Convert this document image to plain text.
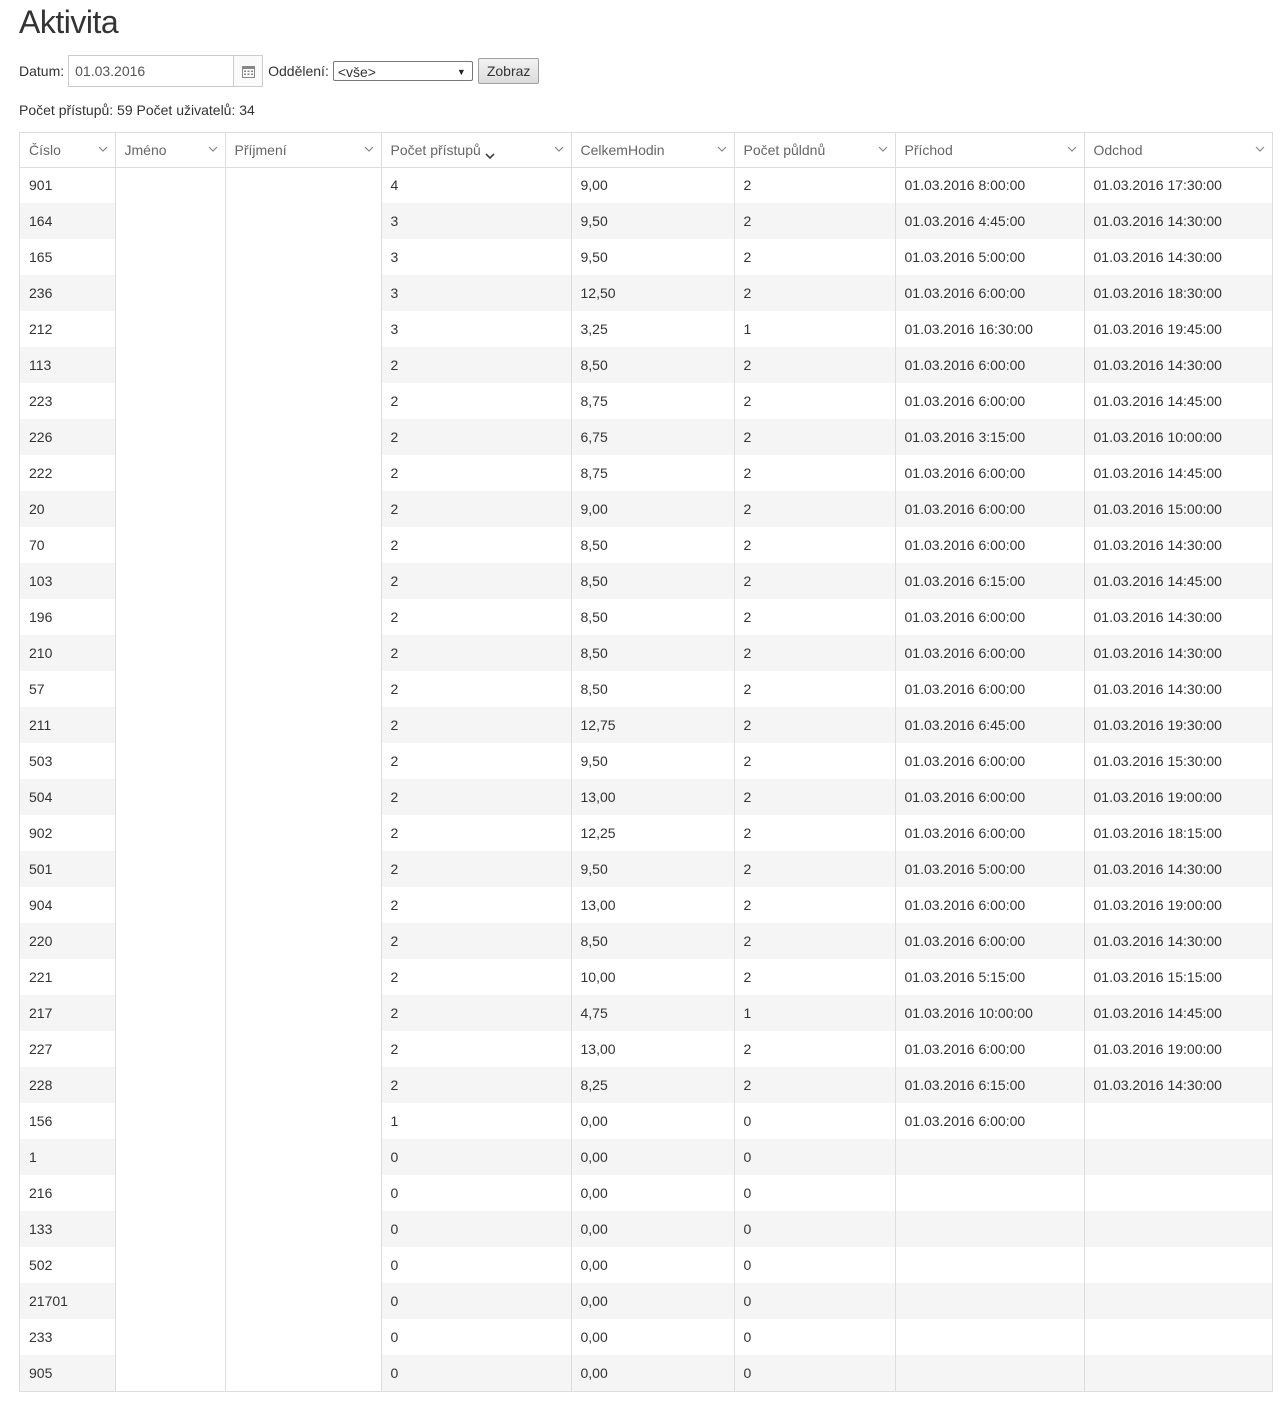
Aktivita
Datum:
01.03.2016	Oddělení: <vše>	▼	Zobraz
Počet přístupů: 59 Počet uživatelů: 34
Číslo	Jméno	Příjmení	Počet přístupů	CelkemHodin	Počet půldnů	Příchod	Odchod

901			4	9,00	2	01.03.2016 8:00:00	01.03.2016 17:30:00
164			3	9,50	2	01.03.2016 4:45:00	01.03.2016 14:30:00
165			3	9,50	2	01.03.2016 5:00:00	01.03.2016 14:30:00
236			3	12,50	2	01.03.2016 6:00:00	01.03.2016 18:30:00
212			3	3,25	1	01.03.2016 16:30:00	01.03.2016 19:45:00
113			2	8,50	2	01.03.2016 6:00:00	01.03.2016 14:30:00
223			2	8,75	2	01.03.2016 6:00:00	01.03.2016 14:45:00
226			2	6,75	2	01.03.2016 3:15:00	01.03.2016 10:00:00
222			2	8,75	2	01.03.2016 6:00:00	01.03.2016 14:45:00
20			2	9,00	2	01.03.2016 6:00:00	01.03.2016 15:00:00
70			2	8,50	2	01.03.2016 6:00:00	01.03.2016 14:30:00
103			2	8,50	2	01.03.2016 6:15:00	01.03.2016 14:45:00
196			2	8,50	2	01.03.2016 6:00:00	01.03.2016 14:30:00
210			2	8,50	2	01.03.2016 6:00:00	01.03.2016 14:30:00
57			2	8,50	2	01.03.2016 6:00:00	01.03.2016 14:30:00
211			2	12,75	2	01.03.2016 6:45:00	01.03.2016 19:30:00
503			2	9,50	2	01.03.2016 6:00:00	01.03.2016 15:30:00
504			2	13,00	2	01.03.2016 6:00:00	01.03.2016 19:00:00
902			2	12,25	2	01.03.2016 6:00:00	01.03.2016 18:15:00
501			2	9,50	2	01.03.2016 5:00:00	01.03.2016 14:30:00
904			2	13,00	2	01.03.2016 6:00:00	01.03.2016 19:00:00
220			2	8,50	2	01.03.2016 6:00:00	01.03.2016 14:30:00
221			2	10,00	2	01.03.2016 5:15:00	01.03.2016 15:15:00
217			2	4,75	1	01.03.2016 10:00:00	01.03.2016 14:45:00
227			2	13,00	2	01.03.2016 6:00:00	01.03.2016 19:00:00
228			2	8,25	2	01.03.2016 6:15:00	01.03.2016 14:30:00
156			1	0,00	0	01.03.2016 6:00:00	
1			0	0,00	0		
216			0	0,00	0		
133			0	0,00	0		
502			0	0,00	0		
21701			0	0,00	0		
233			0	0,00	0		
905			0	0,00	0		
